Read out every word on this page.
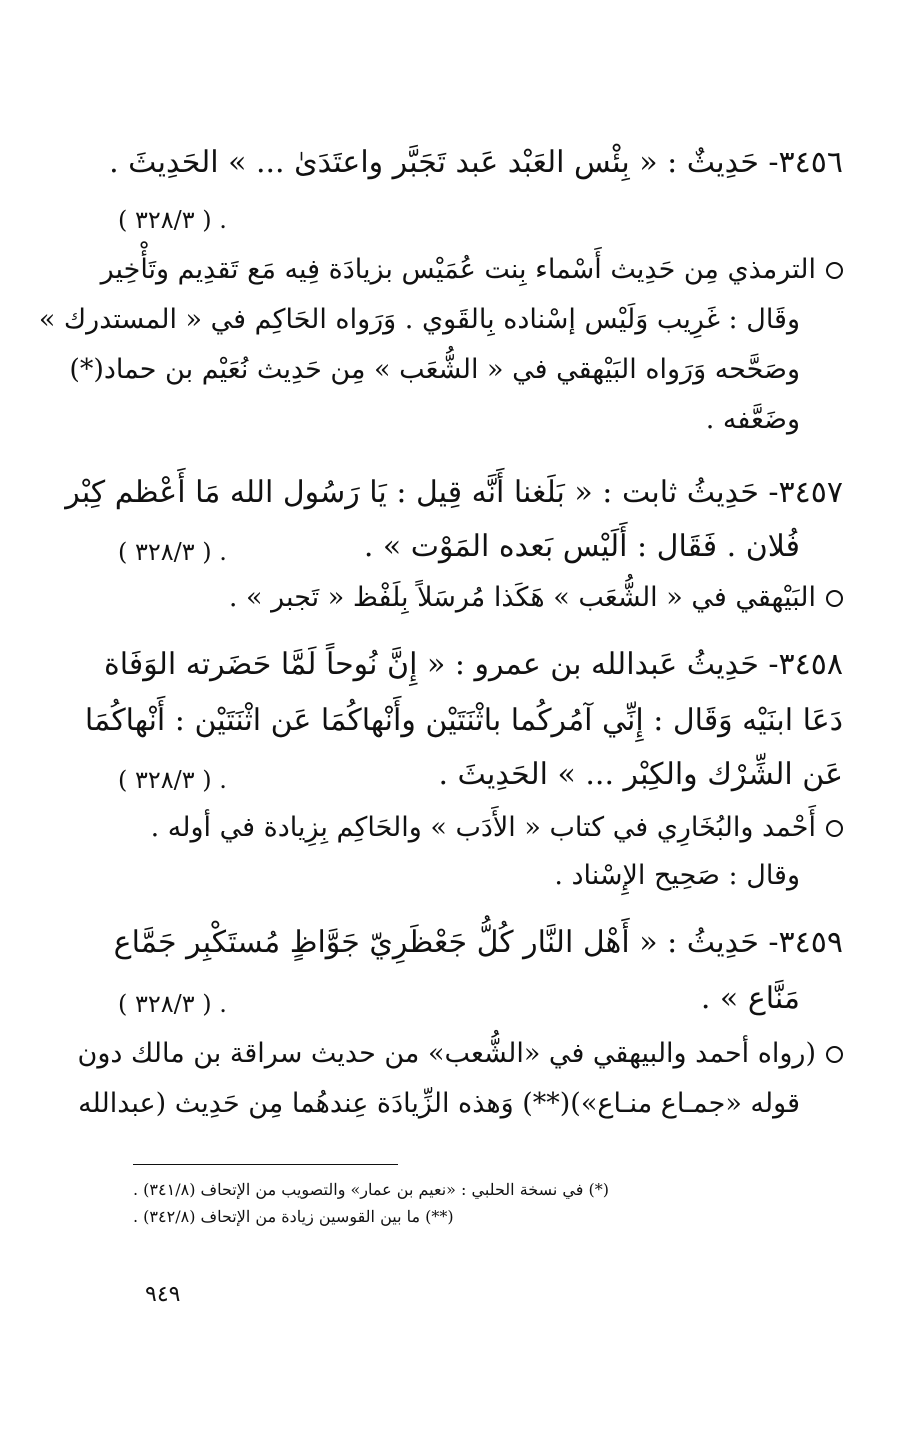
٣٤٥٦- حَدِيثٌ : « بِئْس العَبْد عَبد تَجَبَّر واعتَدَىٰ ... » الحَدِيثَ .
. ( ٣٢٨/٣ )
الترمذي مِن حَدِيث أَسْماء بِنت عُمَيْس بزيادَة فِيه مَع تَقدِيم وتَأْخِير
وقَال : غَرِيب وَلَيْس إسْناده بِالقَوي . وَرَواه الحَاكِم في « المستدرك »
وصَحَّحه وَرَواه البَيْهقي في « الشُّعَب » مِن حَدِيث نُعَيْم بن حماد(*)
وضَعَّفه .
٣٤٥٧- حَدِيثُ ثابت : « بَلَغنا أَنَّه قِيل : يَا رَسُول الله مَا أَعْظم كِبْر
فُلان . فَقَال : أَلَيْس بَعده المَوْت » .
. ( ٣٢٨/٣ )
البَيْهقي في « الشُّعَب » هَكَذا مُرسَلاً بِلَفْظ « تَجبر » .
٣٤٥٨- حَدِيثُ عَبدالله بن عمرو : « إِنَّ نُوحاً لَمَّا حَضَرته الوَفَاة
دَعَا ابنَيْه وَقَال : إِنِّي آمُركُما باثْنَتَيْن وأَنْهاكُمَا عَن اثْنَتَيْن : أَنْهاكُمَا
عَن الشِّرْك والكِبْر ... » الحَدِيثَ .
. ( ٣٢٨/٣ )
أَحْمد والبُخَارِي في كتاب « الأَدَب » والحَاكِم بِزِيادة في أوله .
وقال : صَحِيح الإِسْناد .
٣٤٥٩- حَدِيثُ : « أَهْل النَّار كُلُّ جَعْظَرِيّ جَوَّاظٍ مُستَكْبِر جَمَّاع
مَنَّاع » .
. ( ٣٢٨/٣ )
(رواه أحمد والبيهقي في «الشُّعب» من حديث سراقة بن مالك دون
قوله «جمـاع منـاع»)(**) وَهذه الزِّيادَة عِندهُما مِن حَدِيث (عبدالله
(*) في نسخة الحلبي : «نعيم بن عمار» والتصويب من الإتحاف (٣٤١/٨) .
(**) ما بين القوسين زيادة من الإتحاف (٣٤٢/٨) .
٩٤٩
